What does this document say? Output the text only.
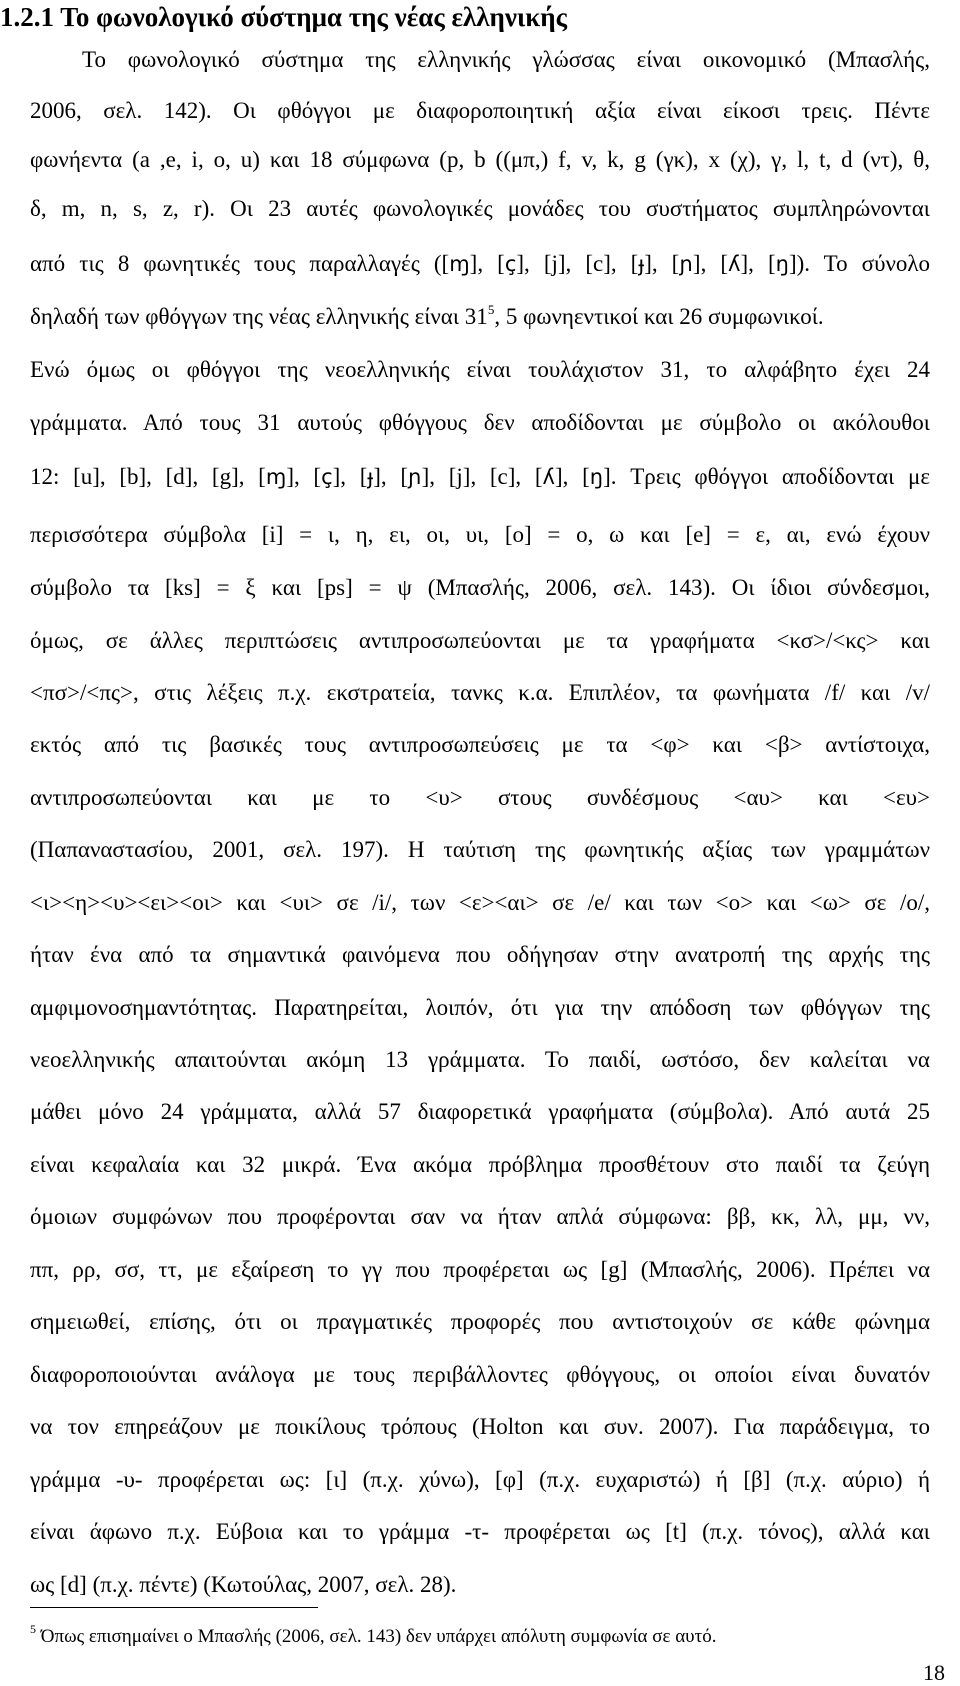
1.2.1 Το φωνολογικό σύστημα της νέας ελληνικής
Το φωνολογικό σύστημα της ελληνικής γλώσσας είναι οικονομικό (Μπασλής,
2006, σελ. 142). Οι φθόγγοι με διαφοροποιητική αξία είναι είκοσι τρεις. Πέντε
φωνήεντα (a ,e, i, o, u) και 18 σύμφωνα (p, b ((μπ,) f, v, k, g (γκ), x (χ), γ, l, t, d (ντ), θ,
δ, m, n, s, z, r). Οι 23 αυτές φωνολογικές μονάδες του συστήματος συμπληρώνονται
από τις 8 φωνητικές τους παραλλαγές ([ɱ], [ç], [j], [c], [ɟ], [ɲ], [ʎ], [ŋ]). Το σύνολο
δηλαδή των φθόγγων της νέας ελληνικής είναι $31^5$, 5 φωνηεντικοί και 26 συμφωνικοί.
Ενώ όμως οι φθόγγοι της νεοελληνικής είναι τουλάχιστον 31, το αλφάβητο έχει 24
γράμματα. Από τους 31 αυτούς φθόγγους δεν αποδίδονται με σύμβολο οι ακόλουθοι
12: [u], [b], [d], [g], [ɱ], [ç], [ɟ], [ɲ], [j], [c], [ʎ], [ŋ]. Τρεις φθόγγοι αποδίδονται με
περισσότερα σύμβολα [i] = ι, η, ει, οι, υι, [o] = ο, ω και [e] = ε, αι, ενώ έχουν
σύμβολο τα [ks] = ξ και [ps] = ψ (Μπασλής, 2006, σελ. 143). Οι ίδιοι σύνδεσμοι,
όμως, σε άλλες περιπτώσεις αντιπροσωπεύονται με τα γραφήματα <κσ>/<κς> και
<πσ>/<πς>, στις λέξεις π.χ. εκστρατεία, τανκς κ.α. Επιπλέον, τα φωνήματα /f/ και /v/
εκτός από τις βασικές τους αντιπροσωπεύσεις με τα <φ> και <β> αντίστοιχα,
αντιπροσωπεύονται και με το <υ> στους συνδέσμους <αυ> και <ευ>
(Παπαναστασίου, 2001, σελ. 197). Η ταύτιση της φωνητικής αξίας των γραμμάτων
<ι><η><υ><ει><οι> και <υι> σε /i/, των <ε><αι> σε /e/ και των <ο> και <ω> σε /o/,
ήταν ένα από τα σημαντικά φαινόμενα που οδήγησαν στην ανατροπή της αρχής της
αμφιμονοσημαντότητας. Παρατηρείται, λοιπόν, ότι για την απόδοση των φθόγγων της
νεοελληνικής απαιτούνται ακόμη 13 γράμματα. Το παιδί, ωστόσο, δεν καλείται να
μάθει μόνο 24 γράμματα, αλλά 57 διαφορετικά γραφήματα (σύμβολα). Από αυτά 25
είναι κεφαλαία και 32 μικρά. Ένα ακόμα πρόβλημα προσθέτουν στο παιδί τα ζεύγη
όμοιων συμφώνων που προφέρονται σαν να ήταν απλά σύμφωνα: ββ, κκ, λλ, μμ, νν,
ππ, ρρ, σσ, ττ, με εξαίρεση το γγ που προφέρεται ως [g] (Μπασλής, 2006). Πρέπει να
σημειωθεί, επίσης, ότι οι πραγματικές προφορές που αντιστοιχούν σε κάθε φώνημα
διαφοροποιούνται ανάλογα με τους περιβάλλοντες φθόγγους, οι οποίοι είναι δυνατόν
να τον επηρεάζουν με ποικίλους τρόπους (Holton και συν. 2007). Για παράδειγμα, το
γράμμα -υ- προφέρεται ως: [ι] (π.χ. χύνω), [φ] (π.χ. ευχαριστώ) ή [β] (π.χ. αύριο) ή
είναι άφωνο π.χ. Εύβοια και το γράμμα -τ- προφέρεται ως [t] (π.χ. τόνος), αλλά και
ως [d] (π.χ. πέντε) (Κωτούλας, 2007, σελ. 28).
$^5$ Όπως επισημαίνει ο Μπασλής (2006, σελ. 143) δεν υπάρχει απόλυτη συμφωνία σε αυτό.
18
